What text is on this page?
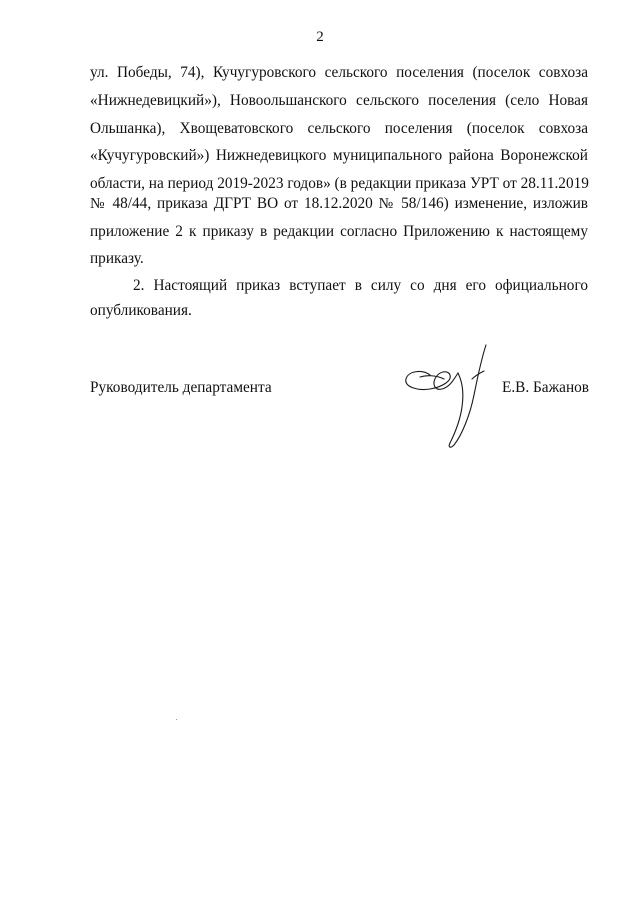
2

ул. Победы, 74), Кучугуровского сельского поселения (поселок совхоза

«Нижнедевицкий»), Новоольшанского сельского поселения (село Новая

Ольшанка), Хвощеватовского сельского поселения (поселок совхоза

«Кучугуровский») Нижнедевицкого муниципального района Воронежской

области, на период 2019-2023 годов» (в редакции приказа УРТ от 28.11.2019

№ 48/44, приказа ДГРТ ВО от 18.12.2020 № 58/146) изменение, изложив

приложение 2 к приказу в редакции согласно Приложению к настоящему

приказу.

2. Настоящий приказ вступает в силу со дня его официального

опубликования.

Руководитель департамента	Е.В. Бажанов
